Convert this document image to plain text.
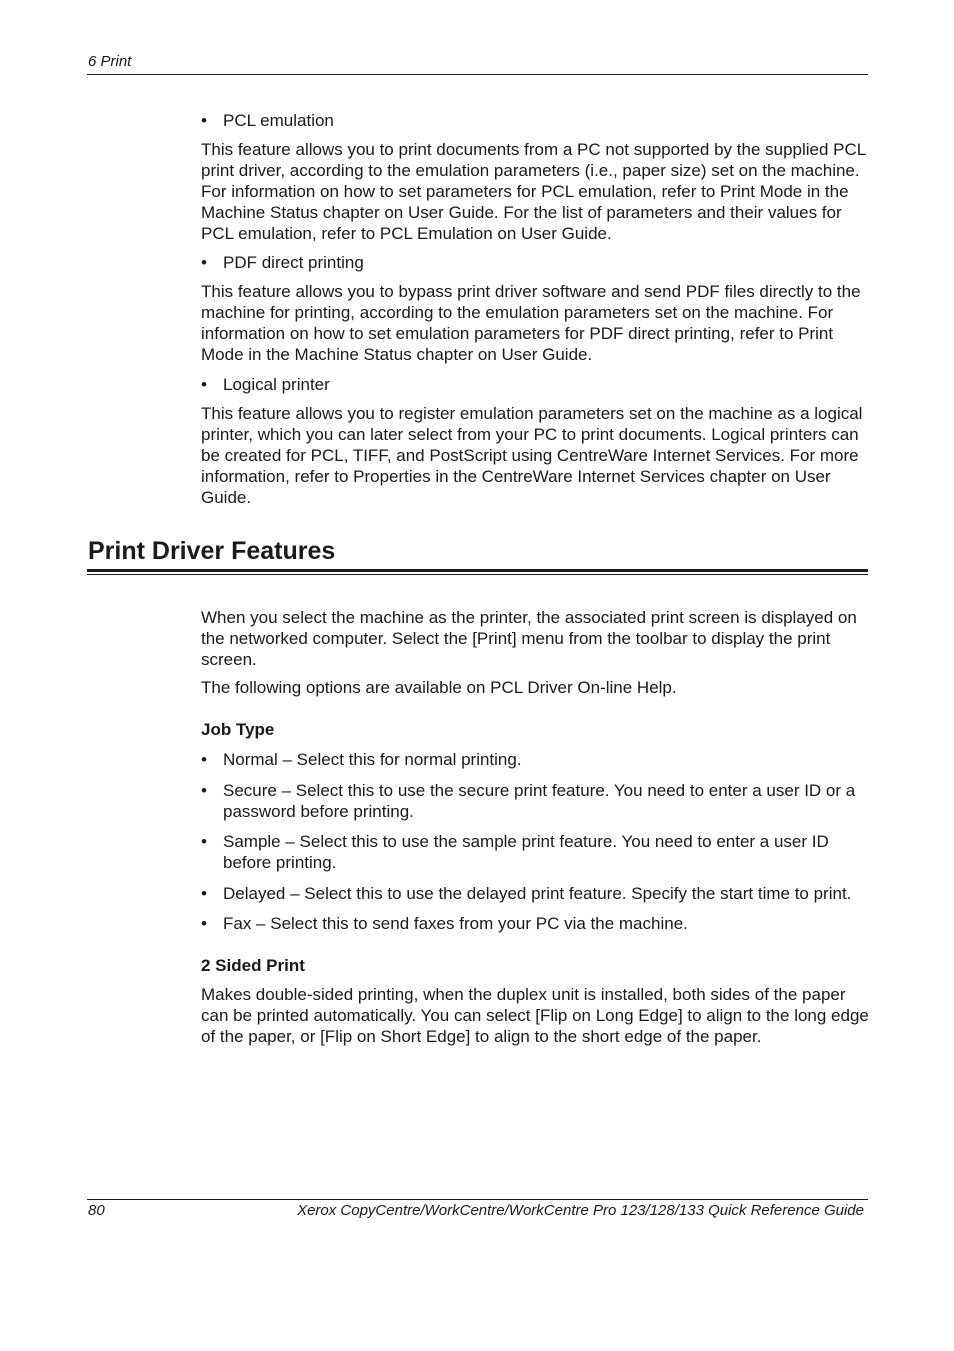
6 Print
• PCL emulation
This feature allows you to print documents from a PC not supported by the supplied PCL print driver, according to the emulation parameters (i.e., paper size) set on the machine. For information on how to set parameters for PCL emulation, refer to Print Mode in the Machine Status chapter on User Guide. For the list of parameters and their values for PCL emulation, refer to PCL Emulation on User Guide.
• PDF direct printing
This feature allows you to bypass print driver software and send PDF files directly to the machine for printing, according to the emulation parameters set on the machine. For information on how to set emulation parameters for PDF direct printing, refer to Print Mode in the Machine Status chapter on User Guide.
• Logical printer
This feature allows you to register emulation parameters set on the machine as a logical printer, which you can later select from your PC to print documents. Logical printers can be created for PCL, TIFF, and PostScript using CentreWare Internet Services. For more information, refer to Properties in the CentreWare Internet Services chapter on User Guide.
Print Driver Features
When you select the machine as the printer, the associated print screen is displayed on the networked computer. Select the [Print] menu from the toolbar to display the print screen.
The following options are available on PCL Driver On-line Help.
Job Type
• Normal – Select this for normal printing.
• Secure – Select this to use the secure print feature. You need to enter a user ID or a password before printing.
• Sample – Select this to use the sample print feature. You need to enter a user ID before printing.
• Delayed – Select this to use the delayed print feature. Specify the start time to print.
• Fax – Select this to send faxes from your PC via the machine.
2 Sided Print
Makes double-sided printing, when the duplex unit is installed, both sides of the paper can be printed automatically. You can select [Flip on Long Edge] to align to the long edge of the paper, or [Flip on Short Edge] to align to the short edge of the paper.
80	Xerox CopyCentre/WorkCentre/WorkCentre Pro 123/128/133 Quick Reference Guide
